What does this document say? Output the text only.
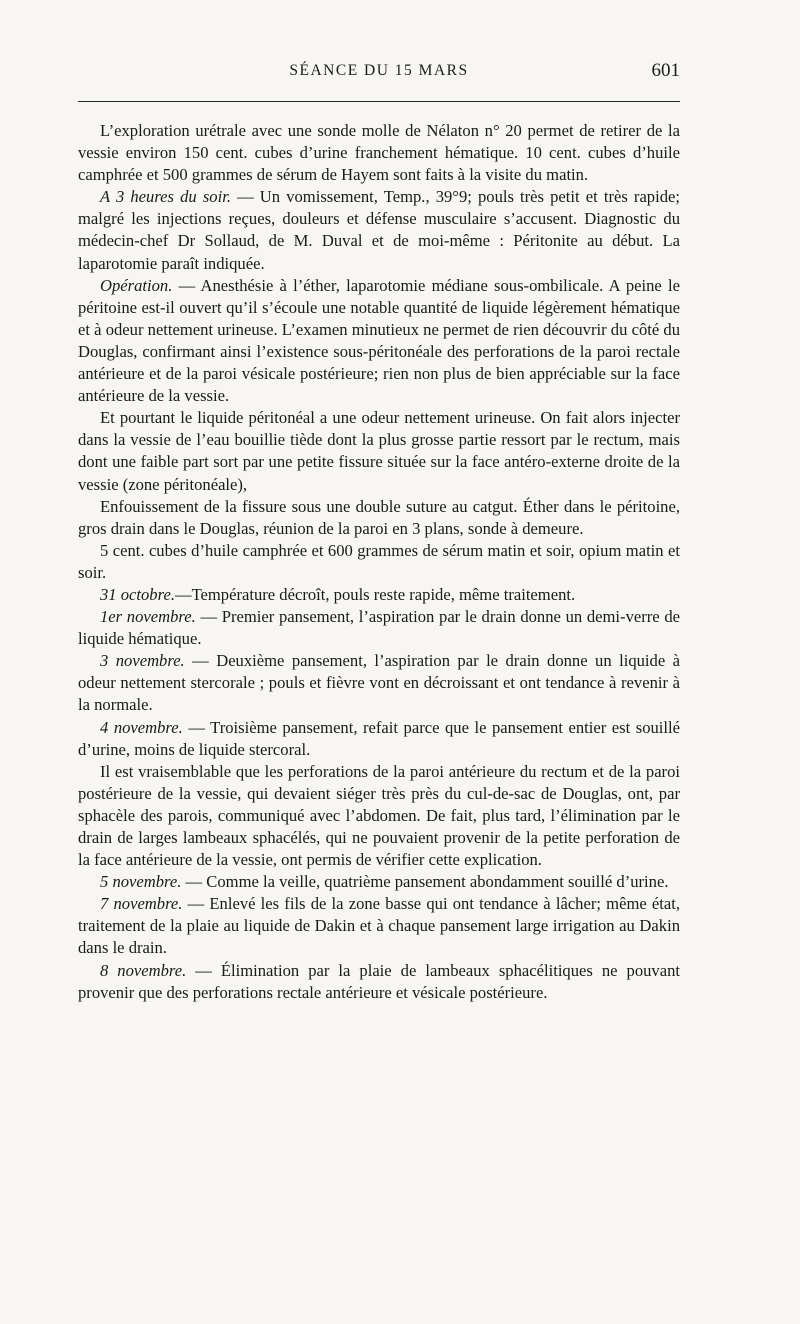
SÉANCE DU 15 MARS	601

L’exploration urétrale avec une sonde molle de Nélaton n° 20 permet de retirer de la vessie environ 150 cent. cubes d’urine franchement hématique. 10 cent. cubes d’huile camphrée et 500 grammes de sérum de Hayem sont faits à la visite du matin.

A 3 heures du soir. — Un vomissement, Temp., 39°9; pouls très petit et très rapide; malgré les injections reçues, douleurs et défense musculaire s’accusent. Diagnostic du médecin-chef Dr Sollaud, de M. Duval et de moi-même : Péritonite au début. La laparotomie paraît indiquée.

Opération. — Anesthésie à l’éther, laparotomie médiane sous-ombilicale. A peine le péritoine est-il ouvert qu’il s’écoule une notable quantité de liquide légèrement hématique et à odeur nettement urineuse. L’examen minutieux ne permet de rien découvrir du côté du Douglas, confirmant ainsi l’existence sous-péritonéale des perforations de la paroi rectale antérieure et de la paroi vésicale postérieure; rien non plus de bien appréciable sur la face antérieure de la vessie.

Et pourtant le liquide péritonéal a une odeur nettement urineuse. On fait alors injecter dans la vessie de l’eau bouillie tiède dont la plus grosse partie ressort par le rectum, mais dont une faible part sort par une petite fissure située sur la face antéro-externe droite de la vessie (zone péritonéale),

Enfouissement de la fissure sous une double suture au catgut. Éther dans le péritoine, gros drain dans le Douglas, réunion de la paroi en 3 plans, sonde à demeure.

5 cent. cubes d’huile camphrée et 600 grammes de sérum matin et soir, opium matin et soir.

31 octobre.—Température décroît, pouls reste rapide, même traitement.

1er novembre. — Premier pansement, l’aspiration par le drain donne un demi-verre de liquide hématique.

3 novembre. — Deuxième pansement, l’aspiration par le drain donne un liquide à odeur nettement stercorale ; pouls et fièvre vont en décroissant et ont tendance à revenir à la normale.

4 novembre. — Troisième pansement, refait parce que le pansement entier est souillé d’urine, moins de liquide stercoral.

Il est vraisemblable que les perforations de la paroi antérieure du rectum et de la paroi postérieure de la vessie, qui devaient siéger très près du cul-de-sac de Douglas, ont, par sphacèle des parois, communiqué avec l’abdomen. De fait, plus tard, l’élimination par le drain de larges lambeaux sphacélés, qui ne pouvaient provenir de la petite perforation de la face antérieure de la vessie, ont permis de vérifier cette explication.

5 novembre. — Comme la veille, quatrième pansement abondamment souillé d’urine.

7 novembre. — Enlevé les fils de la zone basse qui ont tendance à lâcher; même état, traitement de la plaie au liquide de Dakin et à chaque pansement large irrigation au Dakin dans le drain.

8 novembre. — Élimination par la plaie de lambeaux sphacélitiques ne pouvant provenir que des perforations rectale antérieure et vésicale postérieure.
